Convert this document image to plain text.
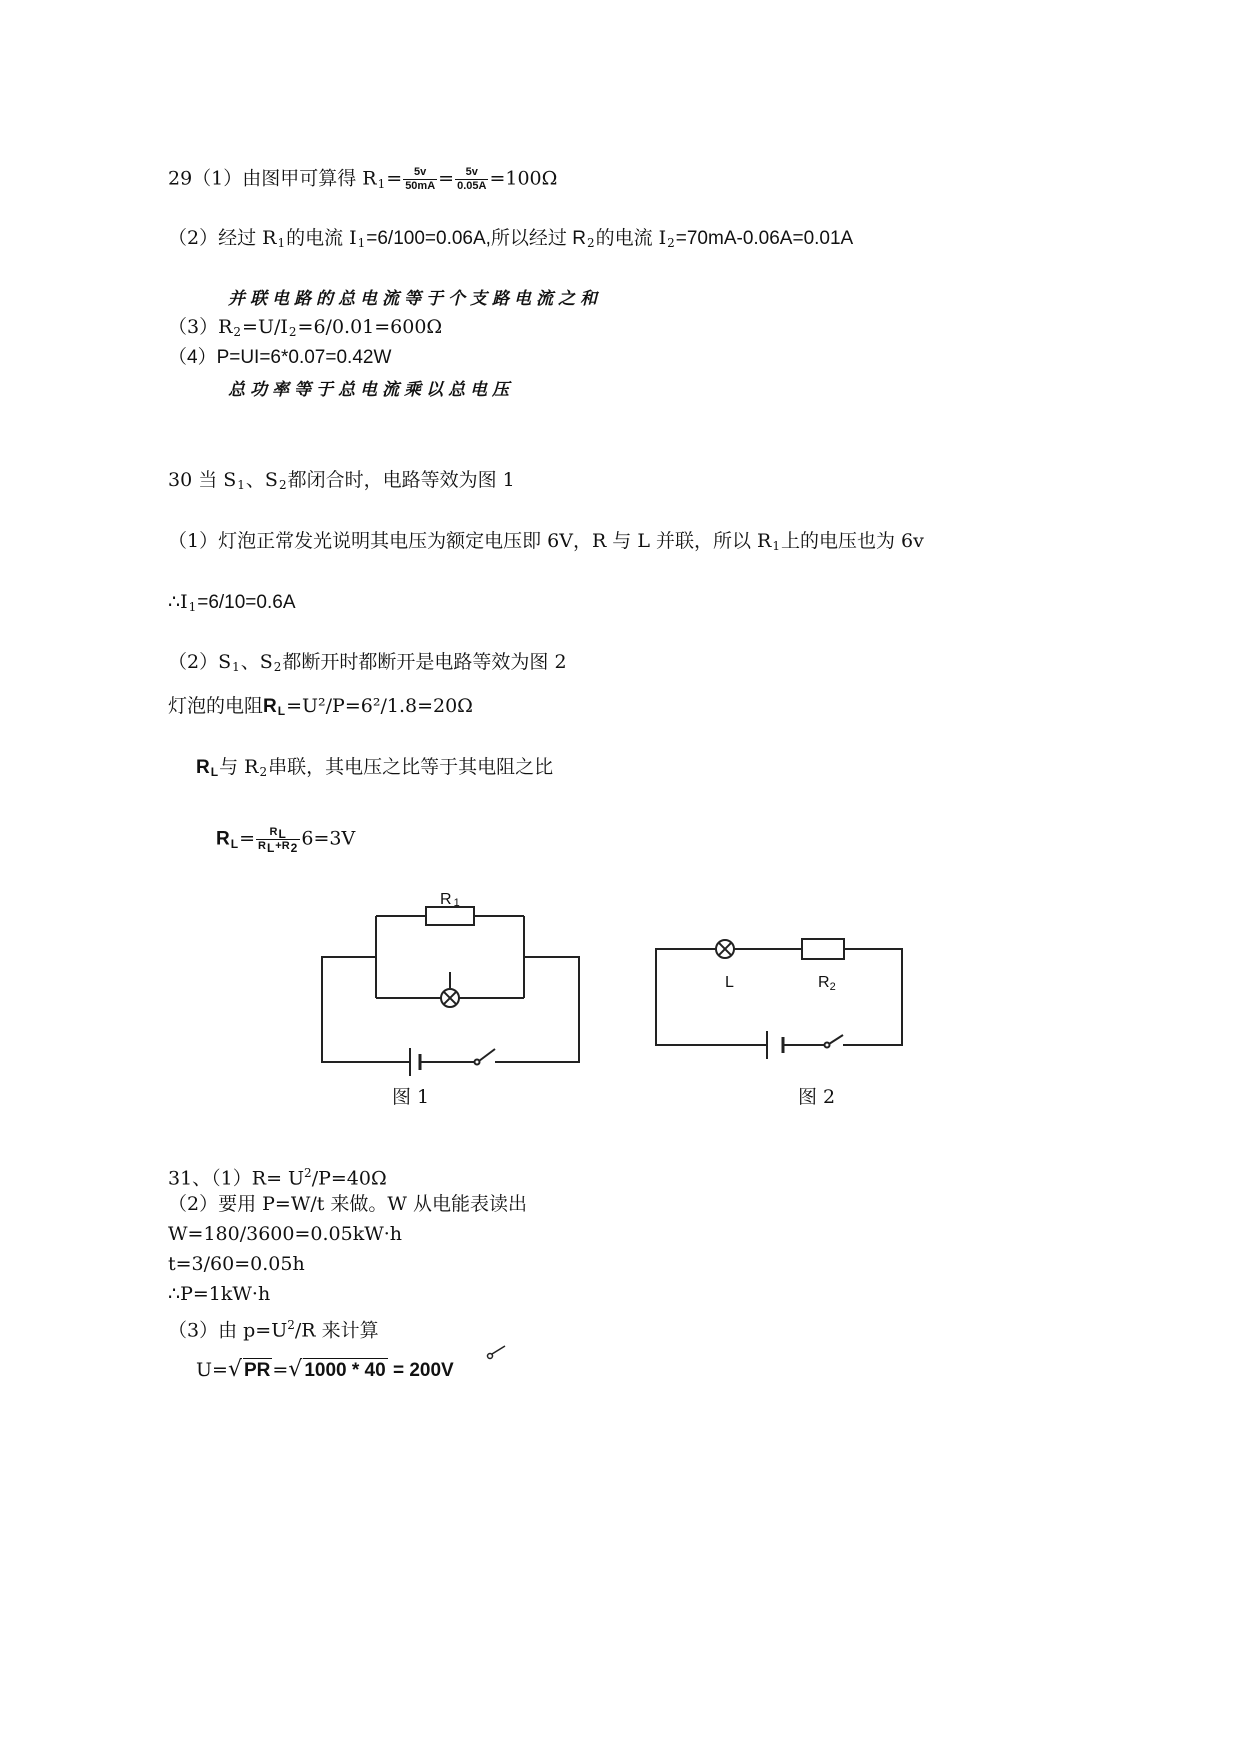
29（1）由图甲可算得 $R_1= \frac{5v}{50mA} = \frac{5v}{0.05A} =100\Omega$
（2）经过 $R_1$的电流 $I_1=6/100=0.06A$,所以经过 $R_2$的电流 $I_2=70mA-0.06A=0.01A$
并联电路的总电流等于个支路电流之和
$(3)R_2=U/I_2=6/0.01=600\Omega$
（4）P=UI=6*0.07=0.42W
总功率等于总电流乘以总电压
30 当 $S_1$、$S_2$都闭合时，电路等效为图 1
（1）灯泡正常发光说明其电压为额定电压即 6V，R 与 L 并联，所以 $R_1$上的电压也为 6v
$\therefore I_1=6/10=0.6A$
$(2)S_1$、$S_2$都断开时都断开是电路等效为图 2
灯泡的电阻$R_L=U^2/P=6^2/1.8=20\Omega$
$R_L$与 $R_2$串联，其电压之比等于其电阻之比
$R_L= \frac{R_L}{R_L+R_2} 6=3V$
R 1
图 1
L	R2
图 2
31、$(1)R= U^2/P=40\Omega$
（2）要用 P=W/t 来做。W 从电能表读出
W=180/3600=0.05kW·h
t=3/60=0.05h
∴P=1kW·h
（3）由 $p=U^2/R$ 来计算
U=√ PR =√ 1000 * 40 = 200V
